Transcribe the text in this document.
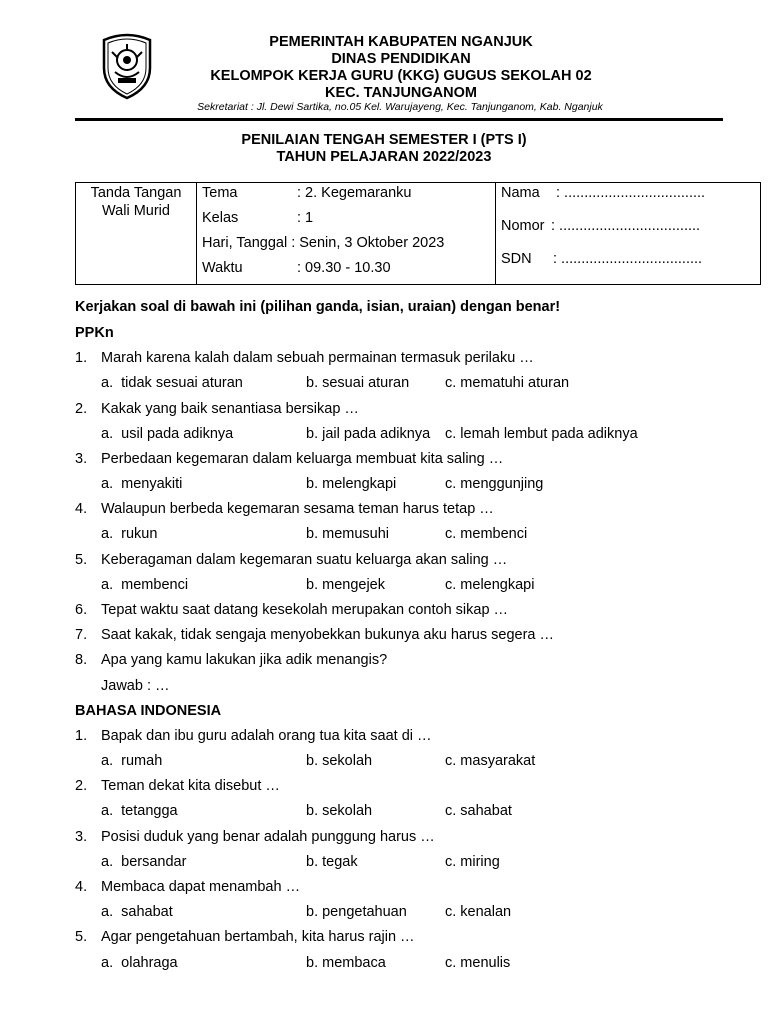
PEMERINTAH KABUPATEN NGANJUK
DINAS PENDIDIKAN
KELOMPOK KERJA GURU (KKG) GUGUS SEKOLAH 02
KEC. TANJUNGANOM
Sekretariat : Jl. Dewi Sartika, no.05 Kel. Warujayeng, Kec. Tanjunganom, Kab. Nganjuk
PENILAIAN TENGAH SEMESTER I (PTS I)
TAHUN PELAJARAN 2022/2023
Tanda Tangan Wali Murid

Tema	: 2. Kegemaranku
Kelas	: 1
Hari, Tanggal : Senin, 3 Oktober 2023
Waktu	: 09.30 - 10.30

Nama : ...................................
Nomor : ...................................
SDN : ...................................
Kerjakan soal di bawah ini (pilihan ganda, isian, uraian) dengan benar!
PPKn
1. Marah karena kalah dalam sebuah permainan termasuk perilaku …
a. tidak sesuai aturan	b. sesuai aturan c. mematuhi aturan
2. Kakak yang baik senantiasa bersikap …
a. usil pada adiknya	b. jail pada adiknya c. lemah lembut pada adiknya
3. Perbedaan kegemaran dalam keluarga membuat kita saling …
a. menyakiti	b. melengkapi	c. menggunjing
4. Walaupun berbeda kegemaran sesama teman harus tetap …
a. rukun	b. memusuhi	c. membenci
5. Keberagaman dalam kegemaran suatu keluarga akan saling …
a. membenci	b. mengejek	c. melengkapi
6. Tepat waktu saat datang kesekolah merupakan contoh sikap …
7. Saat kakak, tidak sengaja menyobekkan bukunya aku harus segera …
8. Apa yang kamu lakukan jika adik menangis?
Jawab : …
BAHASA INDONESIA
1. Bapak dan ibu guru adalah orang tua kita saat di …
a. rumah	b. sekolah	c. masyarakat
2. Teman dekat kita disebut …
a. tetangga	b. sekolah	c. sahabat
3. Posisi duduk yang benar adalah punggung harus …
a. bersandar	b. tegak	c. miring
4. Membaca dapat menambah …
a. sahabat	b. pengetahuan	c. kenalan
5. Agar pengetahuan bertambah, kita harus rajin …
a. olahraga	b. membaca	c. menulis
